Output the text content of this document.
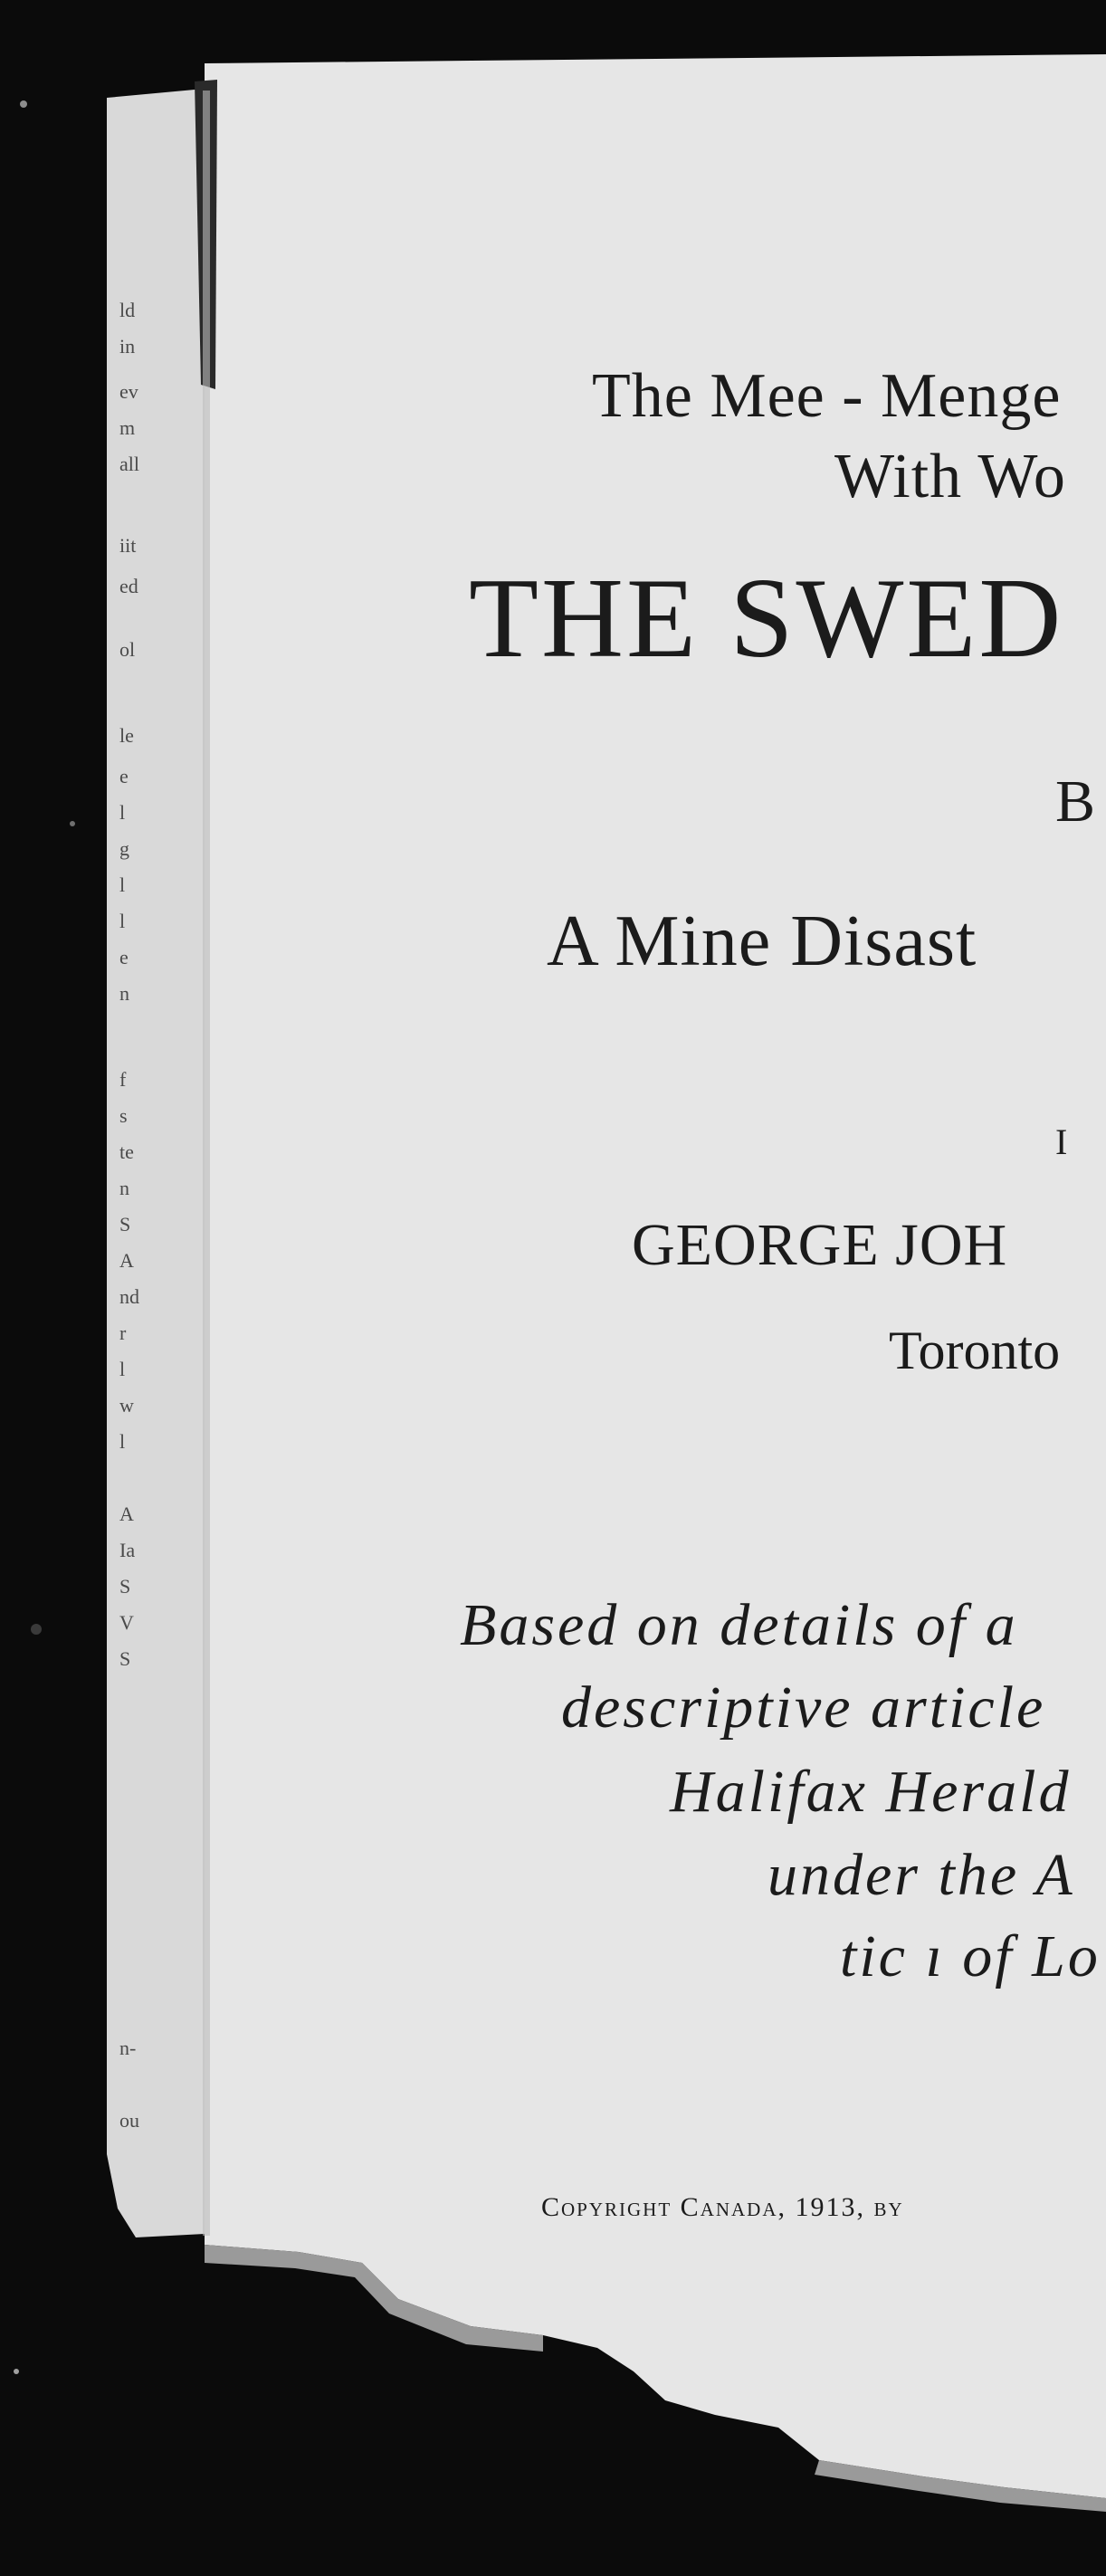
ld
in
ev
m
all
iit
ed
ol
le
e
l
g
l
l
e
n
f
s
te
n
S
A
nd
r
l
w
l
A
Ia
S
V
S
n-
ou
The Mee - Menge
With Wo
THE SWED
B
A Mine Disast
I
GEORGE JOH
Toronto
Based on details of a
descriptive article
Halifax Herald
under the A
tic ı of Lo
Copyright Canada, 1913, by
